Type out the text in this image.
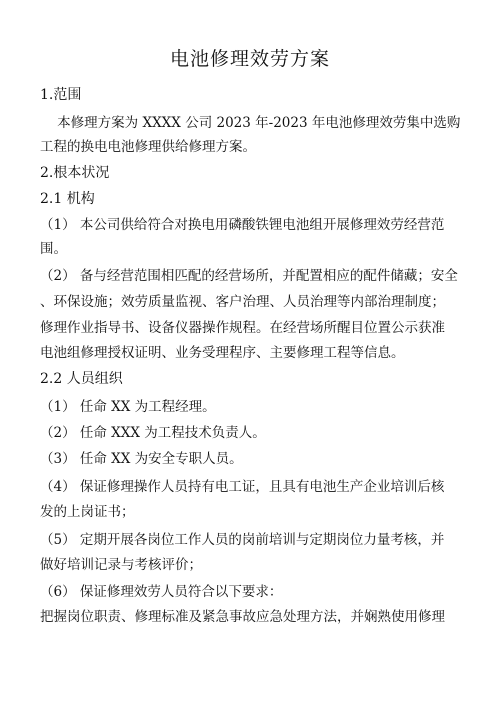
电池修理效劳方案
1.范围
本修理方案为 XXXX 公司 2023 年-2023 年电池修理效劳集中选购
工程的换电电池修理供给修理方案。
2.根本状况
2.1 机构
（1） 本公司供给符合对换电用磷酸铁锂电池组开展修理效劳经营范
围。
（2） 备与经营范围相匹配的经营场所，并配置相应的配件储藏；安全
、环保设施；效劳质量监视、客户治理、人员治理等内部治理制度；
修理作业指导书、设备仪器操作规程。在经营场所醒目位置公示获准
电池组修理授权证明、业务受理程序、主要修理工程等信息。
2.2 人员组织
（1） 任命 XX 为工程经理。
（2） 任命 XXX 为工程技术负责人。
（3） 任命 XX 为安全专职人员。
（4） 保证修理操作人员持有电工证，且具有电池生产企业培训后核
发的上岗证书；
（5） 定期开展各岗位工作人员的岗前培训与定期岗位力量考核，并
做好培训记录与考核评价；
（6） 保证修理效劳人员符合以下要求：
把握岗位职责、修理标准及紧急事故应急处理方法，并娴熟使用修理
